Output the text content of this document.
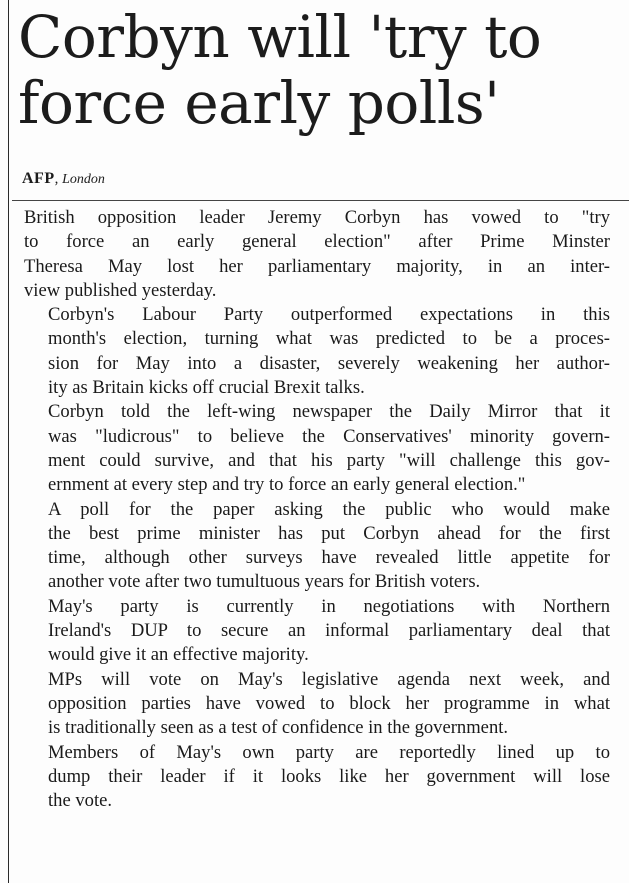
Corbyn will 'try to force early polls'
AFP, London

British opposition leader Jeremy Corbyn has vowed to "try
to force an early general election" after Prime Minster
Theresa May lost her parliamentary majority, in an inter-
view published yesterday.

Corbyn's Labour Party outperformed expectations in this
month's election, turning what was predicted to be a proces-
sion for May into a disaster, severely weakening her author-
ity as Britain kicks off crucial Brexit talks.

Corbyn told the left-wing newspaper the Daily Mirror that it
was "ludicrous" to believe the Conservatives' minority govern-
ment could survive, and that his party "will challenge this gov-
ernment at every step and try to force an early general election."

A poll for the paper asking the public who would make
the best prime minister has put Corbyn ahead for the first
time, although other surveys have revealed little appetite for
another vote after two tumultuous years for British voters.

May's party is currently in negotiations with Northern
Ireland's DUP to secure an informal parliamentary deal that
would give it an effective majority.

MPs will vote on May's legislative agenda next week, and
opposition parties have vowed to block her programme in what
is traditionally seen as a test of confidence in the government.

Members of May's own party are reportedly lined up to
dump their leader if it looks like her government will lose
the vote.
